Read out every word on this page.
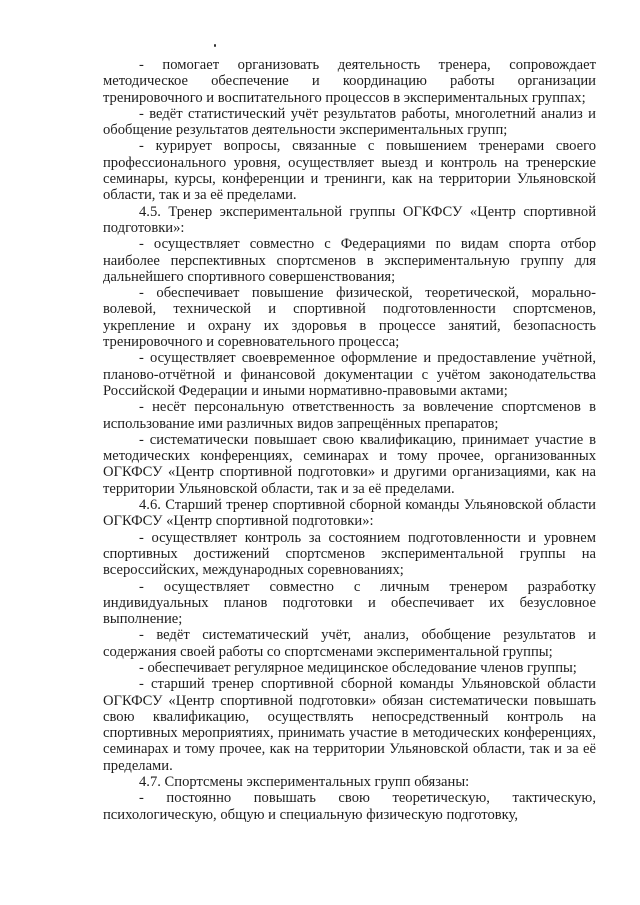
- помогает организовать деятельность тренера, сопровождает методическое обеспечение и координацию работы организации тренировочного и воспитательного процессов в экспериментальных группах;

- ведёт статистический учёт результатов работы, многолетний анализ и обобщение результатов деятельности экспериментальных групп;

- курирует вопросы, связанные с повышением тренерами своего профессионального уровня, осуществляет выезд и контроль на тренерские семинары, курсы, конференции и тренинги, как на территории Ульяновской области, так и за её пределами.

4.5. Тренер экспериментальной группы ОГКФСУ «Центр спортивной подготовки»:

- осуществляет совместно с Федерациями по видам спорта отбор наиболее перспективных спортсменов в экспериментальную группу для дальнейшего спортивного совершенствования;

- обеспечивает повышение физической, теоретической, морально-волевой, технической и спортивной подготовленности спортсменов, укрепление и охрану их здоровья в процессе занятий, безопасность тренировочного и соревновательного процесса;

- осуществляет своевременное оформление и предоставление учётной, планово-отчётной и финансовой документации с учётом законодательства Российской Федерации и иными нормативно-правовыми актами;

- несёт персональную ответственность за вовлечение спортсменов в использование ими различных видов запрещённых препаратов;

- систематически повышает свою квалификацию, принимает участие в методических конференциях, семинарах и тому прочее, организованных ОГКФСУ «Центр спортивной подготовки» и другими организациями, как на территории Ульяновской области, так и за её пределами.

4.6. Старший тренер спортивной сборной команды Ульяновской области ОГКФСУ «Центр спортивной подготовки»:

- осуществляет контроль за состоянием подготовленности и уровнем спортивных достижений спортсменов экспериментальной группы на всероссийских, международных соревнованиях;

- осуществляет совместно с личным тренером разработку индивидуальных планов подготовки и обеспечивает их безусловное выполнение;

- ведёт систематический учёт, анализ, обобщение результатов и содержания своей работы со спортсменами экспериментальной группы;

- обеспечивает регулярное медицинское обследование членов группы;

- старший тренер спортивной сборной команды Ульяновской области ОГКФСУ «Центр спортивной подготовки» обязан систематически повышать свою квалификацию, осуществлять непосредственный контроль на спортивных мероприятиях, принимать участие в методических конференциях, семинарах и тому прочее, как на территории Ульяновской области, так и за её пределами.

4.7. Спортсмены экспериментальных групп обязаны:

- постоянно повышать свою теоретическую, тактическую, психологическую, общую и специальную физическую подготовку,
